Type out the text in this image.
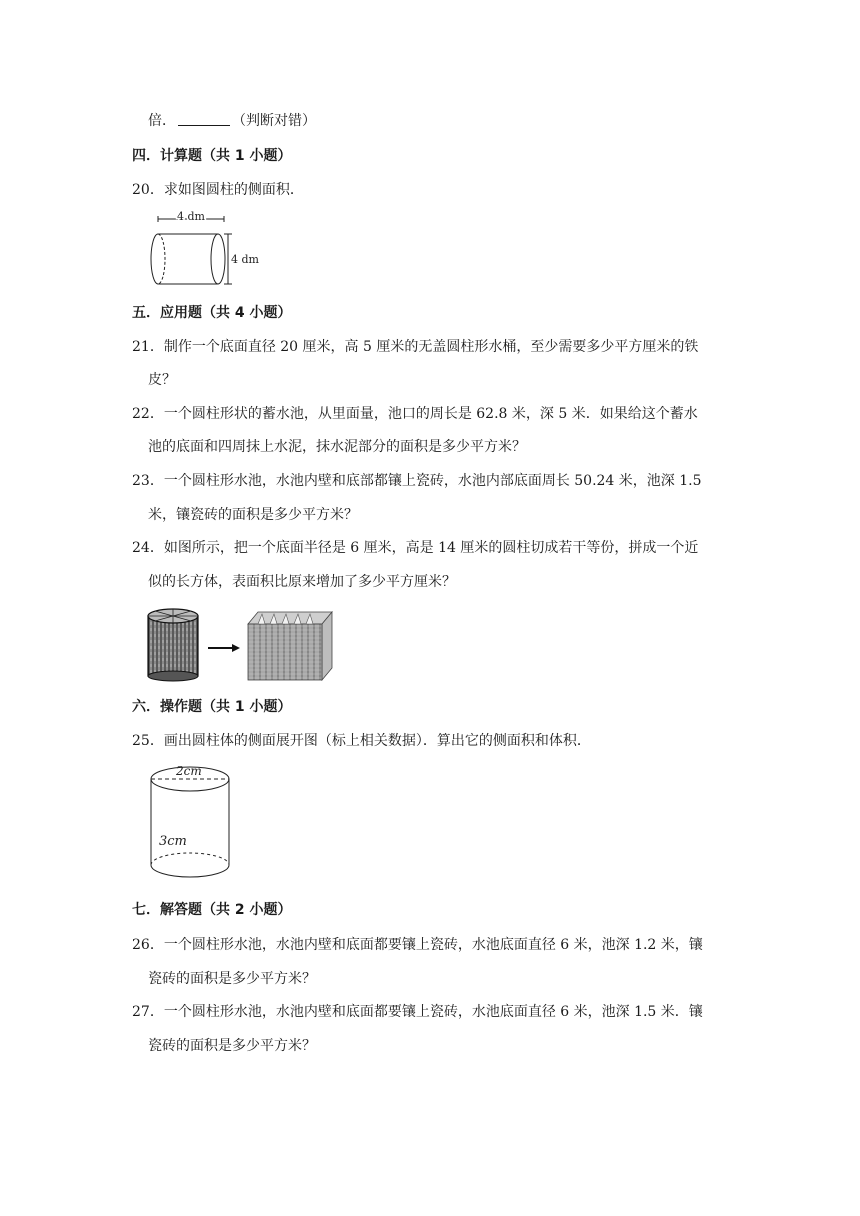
倍．	（判断对错）
四．计算题（共 1 小题）
20．求如图圆柱的侧面积．
4 dm
4 dm
五．应用题（共 4 小题）
21．制作一个底面直径 20 厘米，高 5 厘米的无盖圆柱形水桶，至少需要多少平方厘米的铁
皮？
22．一个圆柱形状的蓄水池，从里面量，池口的周长是 62.8 米，深 5 米．如果给这个蓄水
池的底面和四周抹上水泥，抹水泥部分的面积是多少平方米？
23．一个圆柱形水池，水池内壁和底部都镶上瓷砖，水池内部底面周长 50.24 米，池深 1.5
米，镶瓷砖的面积是多少平方米？
24．如图所示，把一个底面半径是 6 厘米，高是 14 厘米的圆柱切成若干等份，拼成一个近
似的长方体，表面积比原来增加了多少平方厘米？
六．操作题（共 1 小题）
25．画出圆柱体的侧面展开图（标上相关数据）．算出它的侧面积和体积．
2cm
3cm
七．解答题（共 2 小题）
26．一个圆柱形水池，水池内壁和底面都要镶上瓷砖，水池底面直径 6 米，池深 1.2 米，镶
瓷砖的面积是多少平方米？
27．一个圆柱形水池，水池内壁和底面都要镶上瓷砖，水池底面直径 6 米，池深 1.5 米．镶
瓷砖的面积是多少平方米？
